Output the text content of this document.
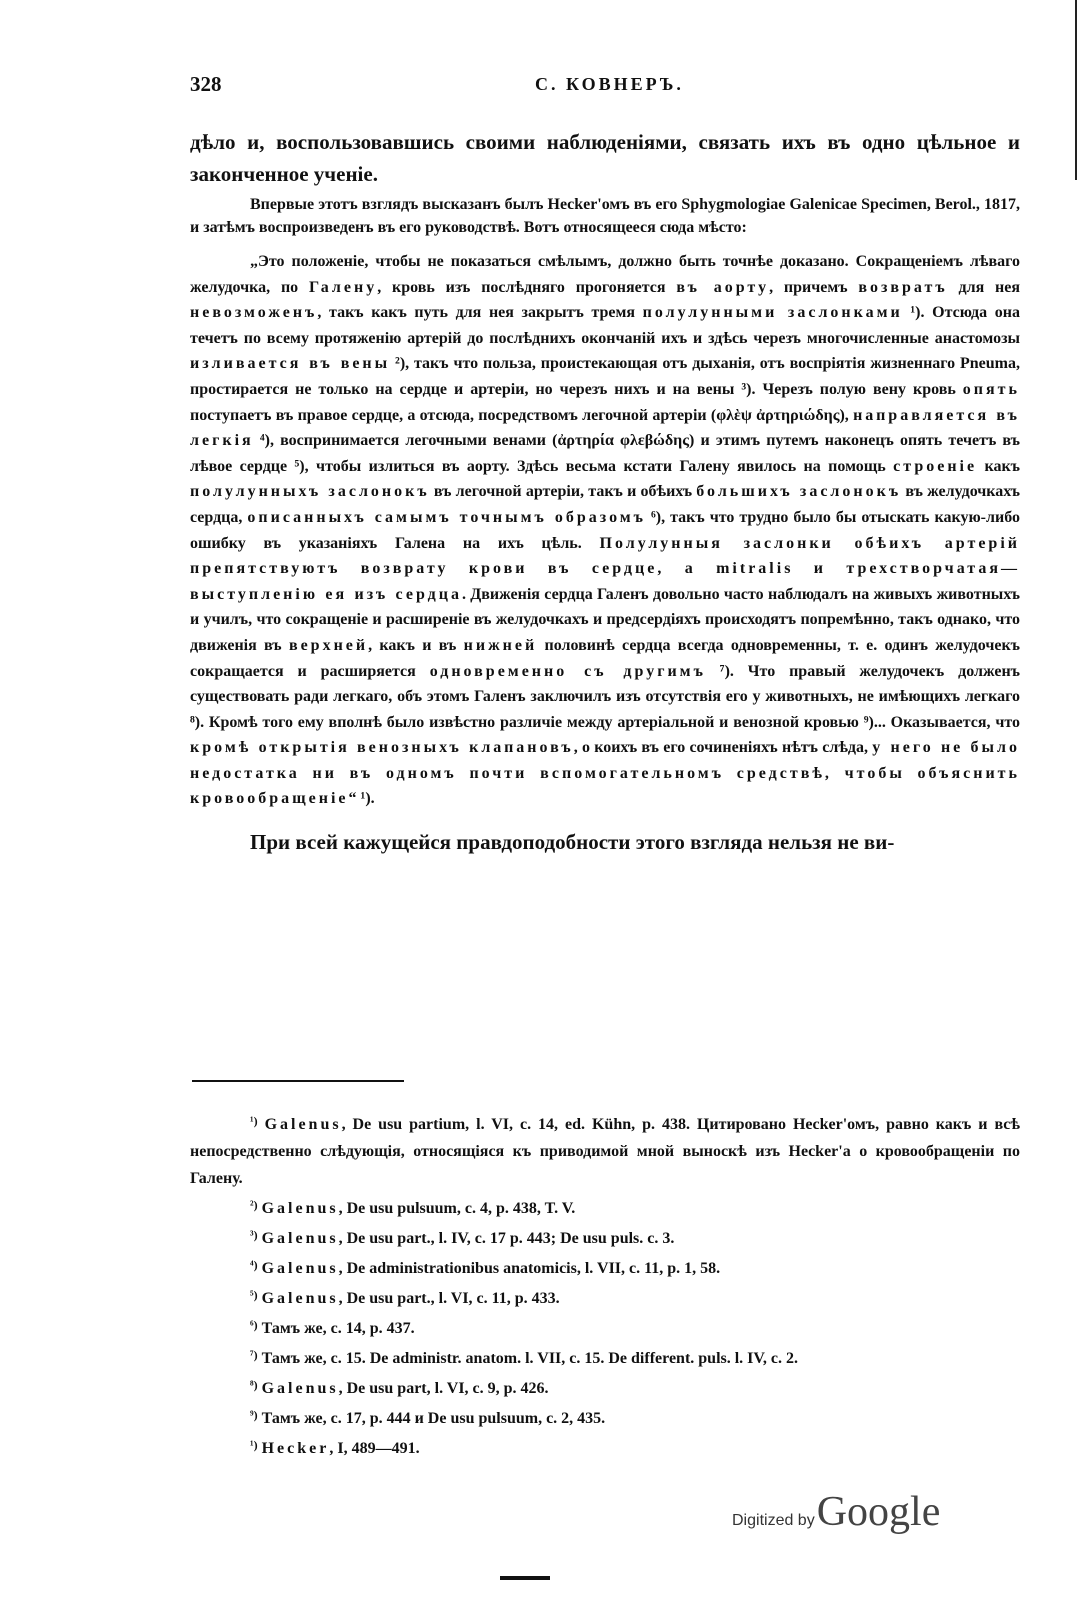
328	С. КОВНЕРЪ.

дѣло и, воспользовавшись своими наблюденіями, связать ихъ въ одно цѣльное и законченное ученіе.

Впервые этотъ взглядъ высказанъ былъ Hecker'омъ въ его Sphygmologiae Galenicae Specimen, Berol., 1817, и затѣмъ воспроизведенъ въ его руководствѣ. Вотъ относящееся сюда мѣсто:

„Это положеніе, чтобы не показаться смѣлымъ, должно быть точнѣе доказано. Сокращеніемъ лѣваго желудочка, по Галену, кровь изъ послѣдняго прогоняется въ аорту, причемъ возвратъ для нея невозможенъ, такъ какъ путь для нея закрытъ тремя полулунными заслонками ¹). Отсюда она течетъ по всему протяженію артерій до послѣднихъ окончаній ихъ и здѣсь черезъ многочисленные анастомозы изливается въ вены ²), такъ что польза, проистекающая отъ дыханія, отъ воспріятія жизненнаго Pneuma, простирается не только на сердце и артеріи, но черезъ нихъ и на вены ³). Черезъ полую вену кровь опять поступаетъ въ правое сердце, а отсюда, посредствомъ легочной артеріи (φλὲψ ἀρτηριώδης), направляется въ легкія ⁴), воспринимается легочными венами (ἀρτηρία φλεβώδης) и этимъ путемъ наконецъ опять течетъ въ лѣвое сердце ⁵), чтобы излиться въ аорту. Здѣсь весьма кстати Галену явилось на помощь строеніе какъ полулунныхъ заслонокъ въ легочной артеріи, такъ и обѣихъ большихъ заслонокъ въ желудочкахъ сердца, описанныхъ самымъ точнымъ образомъ ⁶), такъ что трудно было бы отыскать какую-либо ошибку въ указаніяхъ Галена на ихъ цѣль. Полулунныя заслонки обѣихъ артерій препятствуютъ возврату крови въ сердце, а mitralis и трехстворчатая—выступленію ея изъ сердца. Движенія сердца Галенъ довольно часто наблюдалъ на живыхъ животныхъ и училъ, что сокращеніе и расширеніе въ желудочкахъ и предсердіяхъ происходятъ попремѣнно, такъ однако, что движенія въ верхней, какъ и въ нижней половинѣ сердца всегда одновременны, т. е. одинъ желудочекъ сокращается и расширяется одновременно съ другимъ ⁷). Что правый желудочекъ долженъ существовать ради легкаго, объ этомъ Галенъ заключилъ изъ отсутствія его у животныхъ, не имѣющихъ легкаго ⁸). Кромѣ того ему вполнѣ было извѣстно различіе между артеріальной и венозной кровью ⁹)... Оказывается, что кромѣ открытія венозныхъ клапановъ, о коихъ въ его сочиненіяхъ нѣтъ слѣда, у него не было недостатка ни въ одномъ почти вспомогательномъ средствѣ, чтобы объяснить кровообращеніе“ ¹).

При всей кажущейся правдоподобности этого взгляда нельзя не ви-

$^{^1)}$ Galenus, De usu partium, l. VI, c. 14, ed. Kühn, p. 438. Цитировано Hecker'омъ, равно какъ и всѣ непосредственно слѣдующія, относящіяся къ приводимой мной выноскѣ изъ Hecker'а о кровообращеніи по Галену.

$^{^2)}$ Galenus, De usu pulsuum, c. 4, p. 438, T. V.

$^{^3)}$ Galenus, De usu part., l. IV, c. 17 p. 443; De usu puls. c. 3.

$^{^4)}$ Galenus, De administrationibus anatomicis, l. VII, c. 11, p. 1, 58.

$^{^5)}$ Galenus, De usu part., l. VI, c. 11, p. 433.

$^{^6)}$ Тамъ же, с. 14, р. 437.

$^{^7)}$ Тамъ же, с. 15. De administr. anatom. l. VII, c. 15. De different. puls. l. IV, c. 2.

$^{^8)}$ Galenus, De usu part, l. VI, c. 9, p. 426.

$^{^9)}$ Тамъ же, с. 17, р. 444 и De usu pulsuum, c. 2, 435.

$^{^1)}$ Hecker, I, 489—491.

Digitized byGoogle
